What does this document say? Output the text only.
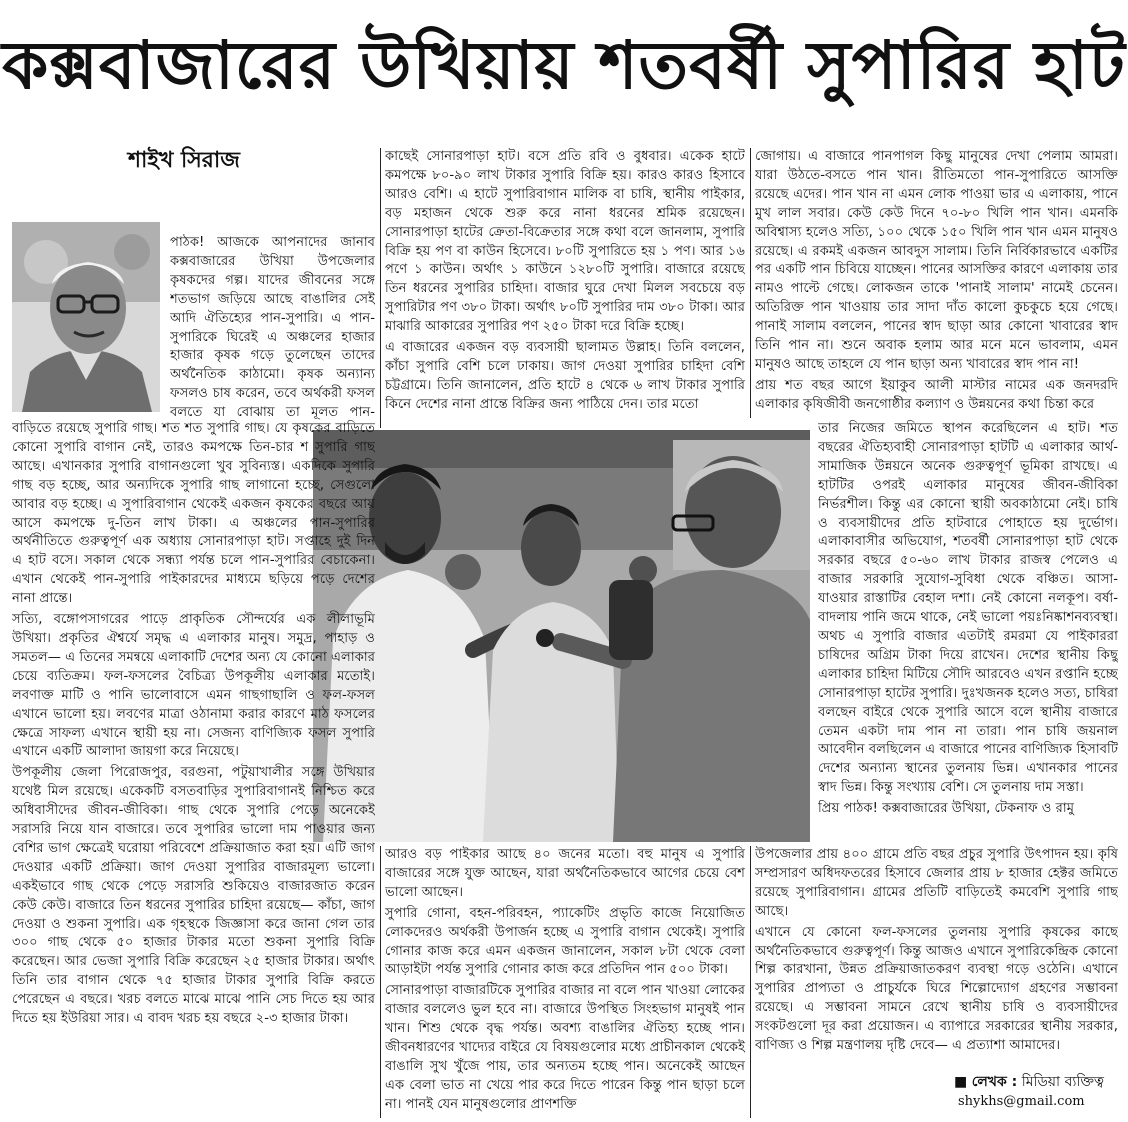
কক্সবাজারের উখিয়ায় শতবর্ষী সুপারির হাট
শাইখ সিরাজ

পাঠক! আজকে আপনাদের জানাব কক্সবাজারের উখিয়া উপজেলার কৃষকদের গল্প। যাদের জীবনের সঙ্গে শতভাগ জড়িয়ে আছে বাঙালির সেই আদি ঐতিহ্যের পান-সুপারি। এ পান-সুপারিকে ঘিরেই এ অঞ্চলের হাজার হাজার কৃষক গড়ে তুলেছেন তাদের অর্থনৈতিক কাঠামো। কৃষক অন্যান্য ফসলও চাষ করেন, তবে অর্থকরী ফসল বলতে যা বোঝায় তা মূলত পান-

বাড়িতে রয়েছে সুপারি গাছ। শত শত সুপারি গাছ। যে কৃষকের বাড়িতে কোনো সুপারি বাগান নেই, তারও কমপক্ষে তিন-চার শ সুপারি গাছ আছে। এখানকার সুপারি বাগানগুলো খুব সুবিন্যস্ত। একদিকে সুপারি গাছ বড় হচ্ছে, আর অন্যদিকে সুপারি গাছ লাগানো হচ্ছে, সেগুলো আবার বড় হচ্ছে। এ সুপারিবাগান থেকেই একজন কৃষকের বছরে আয় আসে কমপক্ষে দু-তিন লাখ টাকা। এ অঞ্চলের পান-সুপারির অর্থনীতিতে গুরুত্বপূর্ণ এক অধ্যায় সোনারপাড়া হাট। সপ্তাহে দুই দিন এ হাট বসে। সকাল থেকে সন্ধ্যা পর্যন্ত চলে পান-সুপারির বেচাকেনা। এখান থেকেই পান-সুপারি পাইকারদের মাধ্যমে ছড়িয়ে পড়ে দেশের নানা প্রান্তে।

সত্যি, বঙ্গোপসাগরের পাড়ে প্রাকৃতিক সৌন্দর্যের এক লীলাভূমি উখিয়া। প্রকৃতির ঐশ্বর্যে সমৃদ্ধ এ এলাকার মানুষ। সমুদ্র, পাহাড় ও সমতল— এ তিনের সমন্বয়ে এলাকাটি দেশের অন্য যে কোনো এলাকার চেয়ে ব্যতিক্রম। ফল-ফসলের বৈচিত্র্য উপকূলীয় এলাকার মতোই। লবণাক্ত মাটি ও পানি ভালোবাসে এমন গাছগাছালি ও ফল-ফসল এখানে ভালো হয়। লবণের মাত্রা ওঠানামা করার কারণে মাঠ ফসলের ক্ষেত্রে সাফল্য এখানে স্থায়ী হয় না। সেজন্য বাণিজ্যিক ফসল সুপারি এখানে একটি আলাদা জায়গা করে নিয়েছে।

উপকূলীয় জেলা পিরোজপুর, বরগুনা, পটুয়াখালীর সঙ্গে উখিয়ার যথেষ্ট মিল রয়েছে। একেকটি বসতবাড়ির সুপারিবাগানই নিশ্চিত করে অধিবাসীদের জীবন-জীবিকা। গাছ থেকে সুপারি পেড়ে অনেকেই সরাসরি নিয়ে যান বাজারে। তবে সুপারির ভালো দাম পাওয়ার জন্য বেশির ভাগ ক্ষেত্রেই ঘরোয়া পরিবেশে প্রক্রিয়াজাত করা হয়। এটি জাগ দেওয়ার একটি প্রক্রিয়া। জাগ দেওয়া সুপারির বাজারমূল্য ভালো। একইভাবে গাছ থেকে পেড়ে সরাসরি শুকিয়েও বাজারজাত করেন কেউ কেউ। বাজারে তিন ধরনের সুপারির চাহিদা রয়েছে— কাঁচা, জাগ দেওয়া ও শুকনা সুপারি। এক গৃহস্থকে জিজ্ঞাসা করে জানা গেল তার ৩০০ গাছ থেকে ৫০ হাজার টাকার মতো শুকনা সুপারি বিক্রি করেছেন। আর ভেজা সুপারি বিক্রি করেছেন ২৫ হাজার টাকার। অর্থাৎ তিনি তার বাগান থেকে ৭৫ হাজার টাকার সুপারি বিক্রি করতে পেরেছেন এ বছরে। খরচ বলতে মাঝে মাঝে পানি সেচ দিতে হয় আর দিতে হয় ইউরিয়া সার। এ বাবদ খরচ হয় বছরে ২-৩ হাজার টাকা।

কাছেই সোনারপাড়া হাট। বসে প্রতি রবি ও বুধবার। একেক হাটে কমপক্ষে ৮০-৯০ লাখ টাকার সুপারি বিক্রি হয়। কারও কারও হিসাবে আরও বেশি। এ হাটে সুপারিবাগান মালিক বা চাষি, স্থানীয় পাইকার, বড় মহাজন থেকে শুরু করে নানা ধরনের শ্রমিক রয়েছেন। সোনারপাড়া হাটের ক্রেতা-বিক্রেতার সঙ্গে কথা বলে জানলাম, সুপারি বিক্রি হয় পণ বা কাউন হিসেবে। ৮০টি সুপারিতে হয় ১ পণ। আর ১৬ পণে ১ কাউন। অর্থাৎ ১ কাউনে ১২৮০টি সুপারি। বাজারে রয়েছে তিন ধরনের সুপারির চাহিদা। বাজার ঘুরে দেখা মিলল সবচেয়ে বড় সুপারিটার পণ ৩৮০ টাকা। অর্থাৎ ৮০টি সুপারির দাম ৩৮০ টাকা। আর মাঝারি আকারের সুপারির পণ ২৫০ টাকা দরে বিক্রি হচ্ছে।

এ বাজারের একজন বড় ব্যবসায়ী ছালামত উল্লাহ। তিনি বললেন, কাঁচা সুপারি বেশি চলে ঢাকায়। জাগ দেওয়া সুপারির চাহিদা বেশি চট্টগ্রামে। তিনি জানালেন, প্রতি হাটে ৪ থেকে ৬ লাখ টাকার সুপারি কিনে দেশের নানা প্রান্তে বিক্রির জন্য পাঠিয়ে দেন। তার মতো

আরও বড় পাইকার আছে ৪০ জনের মতো। বহু মানুষ এ সুপারি বাজারের সঙ্গে যুক্ত আছেন, যারা অর্থনৈতিকভাবে আগের চেয়ে বেশ ভালো আছেন।

সুপারি গোনা, বহন-পরিবহন, প্যাকেটিং প্রভৃতি কাজে নিয়োজিত লোকদেরও অর্থকরী উপার্জন হচ্ছে এ সুপারি বাগান থেকেই। সুপারি গোনার কাজ করে এমন একজন জানালেন, সকাল ৮টা থেকে বেলা আড়াইটা পর্যন্ত সুপারি গোনার কাজ করে প্রতিদিন পান ৫০০ টাকা।

সোনারপাড়া বাজারটিকে সুপারির বাজার না বলে পান খাওয়া লোকের বাজার বললেও ভুল হবে না। বাজারে উপস্থিত সিংহভাগ মানুষই পান খান। শিশু থেকে বৃদ্ধ পর্যন্ত। অবশ্য বাঙালির ঐতিহ্য হচ্ছে পান। জীবনধারণের খাদ্যের বাইরে যে বিষয়গুলোর মধ্যে প্রাচীনকাল থেকেই বাঙালি সুখ খুঁজে পায়, তার অন্যতম হচ্ছে পান। অনেকেই আছেন এক বেলা ভাত না খেয়ে পার করে দিতে পারেন কিন্তু পান ছাড়া চলে না। পানই যেন মানুষগুলোর প্রাণশক্তি

জোগায়। এ বাজারে পানপাগল কিছু মানুষের দেখা পেলাম আমরা। যারা উঠতে-বসতে পান খান। রীতিমতো পান-সুপারিতে আসক্তি রয়েছে এদের। পান খান না এমন লোক পাওয়া ভার এ এলাকায়, পানে মুখ লাল সবার। কেউ কেউ দিনে ৭০-৮০ খিলি পান খান। এমনকি অবিশ্বাস্য হলেও সত্যি, ১০০ থেকে ১৫০ খিলি পান খান এমন মানুষও রয়েছে। এ রকমই একজন আবদুস সালাম। তিনি নির্বিকারভাবে একটির পর একটি পান চিবিয়ে যাচ্ছেন। পানের আসক্তির কারণে এলাকায় তার নামও পাল্টে গেছে। লোকজন তাকে 'পানাই সালাম' নামেই চেনেন। অতিরিক্ত পান খাওয়ায় তার সাদা দাঁত কালো কুচকুচে হয়ে গেছে। পানাই সালাম বললেন, পানের স্বাদ ছাড়া আর কোনো খাবারের স্বাদ তিনি পান না। শুনে অবাক হলাম আর মনে মনে ভাবলাম, এমন মানুষও আছে তাহলে যে পান ছাড়া অন্য খাবারের স্বাদ পান না!

প্রায় শত বছর আগে ইয়াকুব আলী মাস্টার নামের এক জনদরদি এলাকার কৃষিজীবী জনগোষ্ঠীর কল্যাণ ও উন্নয়নের কথা চিন্তা করে

তার নিজের জমিতে স্থাপন করেছিলেন এ হাট। শত বছরের ঐতিহ্যবাহী সোনারপাড়া হাটটি এ এলাকার আর্থ-সামাজিক উন্নয়নে অনেক গুরুত্বপূর্ণ ভূমিকা রাখছে। এ হাটটির ওপরই এলাকার মানুষের জীবন-জীবিকা নির্ভরশীল। কিন্তু এর কোনো স্থায়ী অবকাঠামো নেই। চাষি ও ব্যবসায়ীদের প্রতি হাটবারে পোহাতে হয় দুর্ভোগ। এলাকাবাসীর অভিযোগ, শতবর্ষী সোনারপাড়া হাট থেকে সরকার বছরে ৫০-৬০ লাখ টাকার রাজস্ব পেলেও এ বাজার সরকারি সুযোগ-সুবিধা থেকে বঞ্চিত। আসা-যাওয়ার রাস্তাটির বেহাল দশা। নেই কোনো নলকূপ। বর্ষা-বাদলায় পানি জমে থাকে, নেই ভালো পয়ঃনিষ্কাশনব্যবস্থা। অথচ এ সুপারি বাজার এতটাই রমরমা যে পাইকাররা চাষিদের অগ্রিম টাকা দিয়ে রাখেন। দেশের স্থানীয় কিছু এলাকার চাহিদা মিটিয়ে সৌদি আরবেও এখন রপ্তানি হচ্ছে সোনারপাড়া হাটের সুপারি। দুঃখজনক হলেও সত্য, চাষিরা বলছেন বাইরে থেকে সুপারি আসে বলে স্থানীয় বাজারে তেমন একটা দাম পান না তারা। পান চাষি জয়নাল আবেদীন বলছিলেন এ বাজারে পানের বাণিজ্যিক হিসাবটি দেশের অন্যান্য স্থানের তুলনায় ভিন্ন। এখানকার পানের স্বাদ ভিন্ন। কিন্তু সংখ্যায় বেশি। সে তুলনায় দাম সস্তা।

প্রিয় পাঠক! কক্সবাজারের উখিয়া, টেকনাফ ও রামু

উপজেলার প্রায় ৪০০ গ্রামে প্রতি বছর প্রচুর সুপারি উৎপাদন হয়। কৃষি সম্প্রসারণ অধিদফতরের হিসাবে জেলার প্রায় ৮ হাজার হেক্টর জমিতে রয়েছে সুপারিবাগান। গ্রামের প্রতিটি বাড়িতেই কমবেশি সুপারি গাছ আছে।

এখানে যে কোনো ফল-ফসলের তুলনায় সুপারি কৃষকের কাছে অর্থনৈতিকভাবে গুরুত্বপূর্ণ। কিন্তু আজও এখানে সুপারিকেন্দ্রিক কোনো শিল্প কারখানা, উন্নত প্রক্রিয়াজাতকরণ ব্যবস্থা গড়ে ওঠেনি। এখানে সুপারির প্রাপ্যতা ও প্রাচুর্যকে ঘিরে শিল্পোদ্যোগ গ্রহণের সম্ভাবনা রয়েছে। এ সম্ভাবনা সামনে রেখে স্থানীয় চাষি ও ব্যবসায়ীদের সংকটগুলো দূর করা প্রয়োজন। এ ব্যাপারে সরকারের স্থানীয় সরকার, বাণিজ্য ও শিল্প মন্ত্রণালয় দৃষ্টি দেবে— এ প্রত্যাশা আমাদের।

■ লেখক : মিডিয়া ব্যক্তিত্ব
shykhs@gmail.com
